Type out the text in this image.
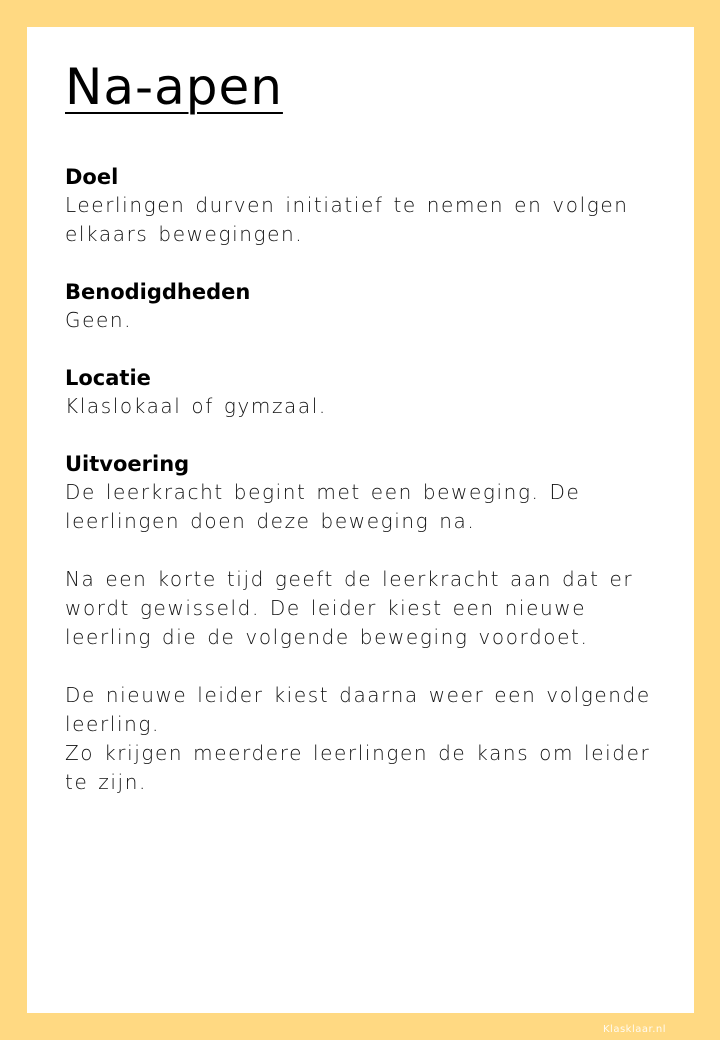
Na-apen
Doel
Leerlingen durven initiatief te nemen en volgen elkaars bewegingen.
Benodigdheden
Geen.
Locatie
Klaslokaal of gymzaal.
Uitvoering
De leerkracht begint met een beweging. De leerlingen doen deze beweging na.
Na een korte tijd geeft de leerkracht aan dat er wordt gewisseld. De leider kiest een nieuwe leerling die de volgende beweging voordoet.
De nieuwe leider kiest daarna weer een volgende leerling.
Zo krijgen meerdere leerlingen de kans om leider te zijn.
Klasklaar.nl
